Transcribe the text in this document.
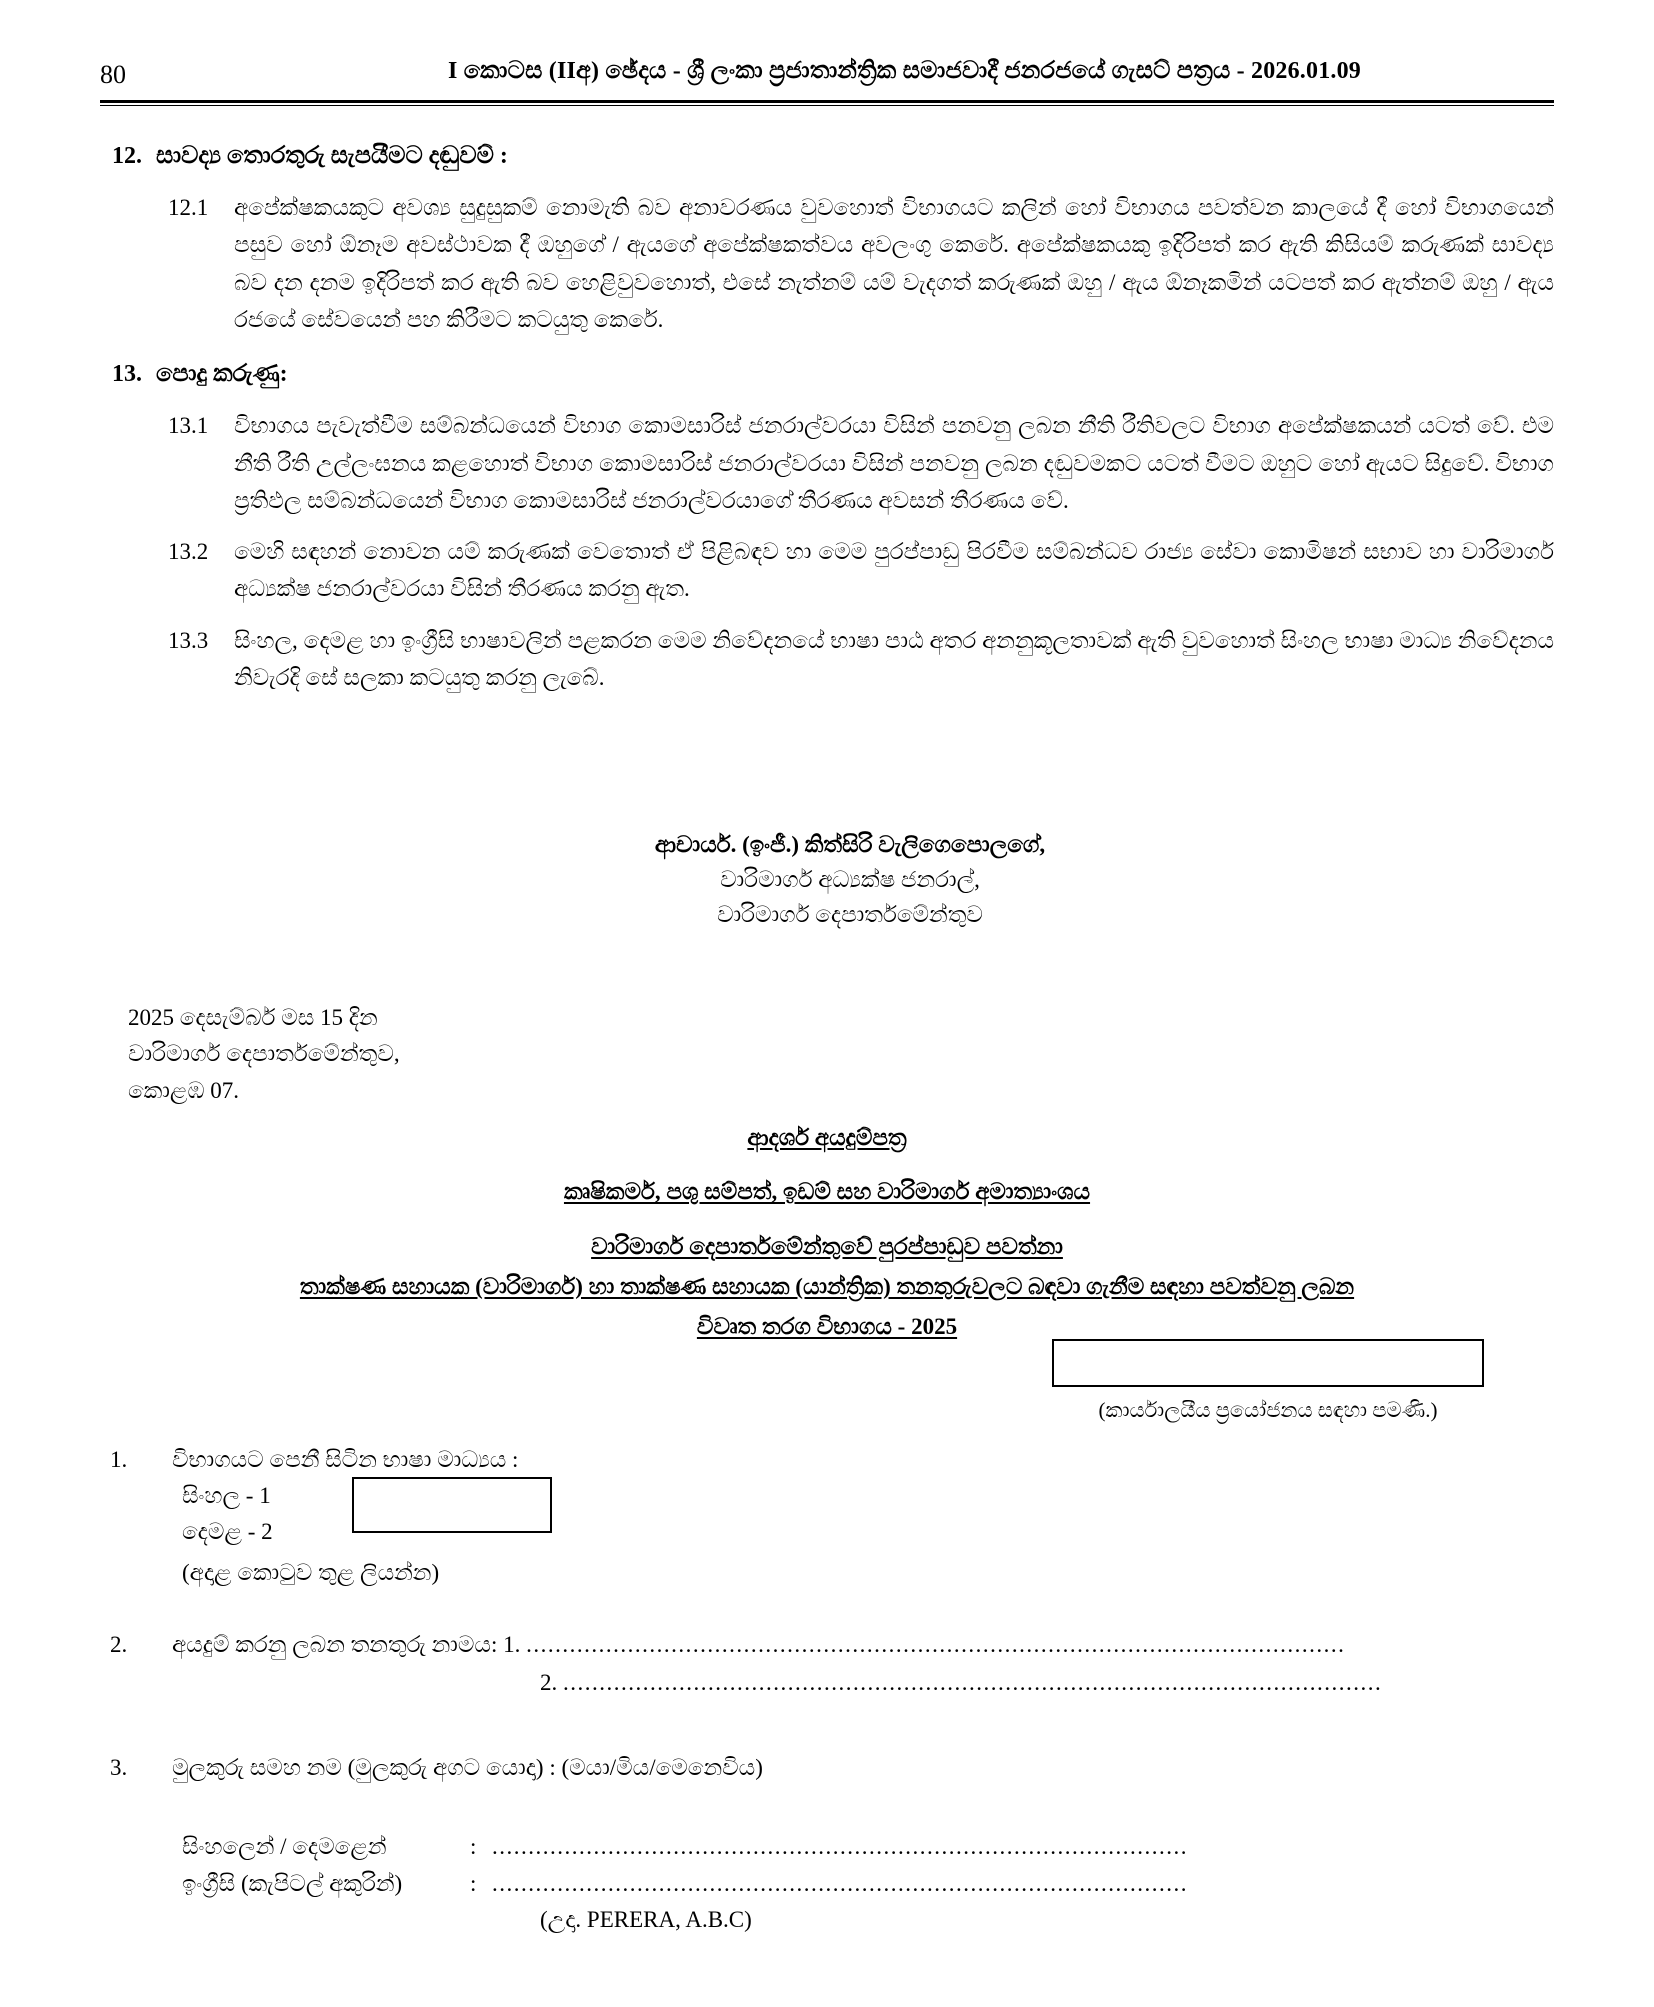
80	I කොටස (IIඅ) ඡේදය - ශ්‍රී ලංකා ප්‍රජාතාන්ත්‍රික සමාජවාදී ජනරජයේ ගැසට් පත්‍රය - 2026.01.09
12. සාවද්‍ය තොරතුරු සැපයීමට දඬුවම් :
12.1	අපේක්ෂකයකුට අවශ්‍ය සුදුසුකම් නොමැති බව අනාවරණය වුවහොත් විභාගයට කලින් හෝ විභාගය පවත්වන කාලයේ දී හෝ විභාගයෙන් පසුව හෝ ඕනෑම අවස්ථාවක දී ඔහුගේ / ඇයගේ අපේක්ෂකත්වය අවලංගු කෙරේ. අපේක්ෂකයකු ඉදිරිපත් කර ඇති කිසියම් කරුණක් සාවද්‍ය බව දන දනම ඉදිරිපත් කර ඇති බව හෙළිවුවහොත්, එසේ නැත්නම් යම් වැදගත් කරුණක් ඔහු / ඇය ඕනෑකමින් යටපත් කර ඇත්නම් ඔහු / ඇය රජයේ සේවයෙන් පහ කිරීමට කටයුතු කෙරේ.
13. පොදු කරුණු:
13.1	විභාගය පැවැත්වීම සම්බන්ධයෙන් විභාග කොමසාරිස් ජනරාල්වරයා විසින් පනවනු ලබන නීති රීතිවලට විභාග අපේක්ෂකයන් යටත් වේ. එම නීති රීති උල්ලංඝනය කළහොත් විභාග කොමසාරිස් ජනරාල්වරයා විසින් පනවනු ලබන දඬුවමකට යටත් වීමට ඔහුට හෝ ඇයට සිදුවේ. විභාග ප්‍රතිඵල සම්බන්ධයෙන් විභාග කොමසාරිස් ජනරාල්වරයාගේ තීරණය අවසන් තීරණය වේ.
13.2	මෙහි සඳහන් නොවන යම් කරුණක් වෙතොත් ඒ පිළිබඳව හා මෙම පුරප්පාඩු පිරවීම සම්බන්ධව රාජ්‍ය සේවා කොමිෂන් සභාව හා වාරිමාර්ග අධ්‍යක්ෂ ජනරාල්වරයා විසින් තීරණය කරනු ඇත.
13.3	සිංහල, දෙමළ හා ඉංග්‍රීසි භාෂාවලින් පළකරන මෙම නිවේදනයේ භාෂා පාඨ අතර අනනුකූලතාවක් ඇති වුවහොත් සිංහල භාෂා මාධ්‍ය නිවේදනය නිවැරදි සේ සලකා කටයුතු කරනු ලැබේ.
ආචාර්ය. (ඉංජී.) කිත්සිරි වැලිගෙපොලගේ,
වාරිමාර්ග අධ්‍යක්ෂ ජනරාල්,
වාරිමාර්ග දෙපාර්තමේන්තුව
2025 දෙසැම්බර් මස 15 දින
වාරිමාර්ග දෙපාර්තමේන්තුව,
කොළඹ 07.
ආදර්ශ අයදුම්පත්‍ර
කෘෂිකර්ම, පශු සම්පත්, ඉඩම් සහ වාරිමාර්ග අමාත්‍යාංශය
වාරිමාර්ග දෙපාර්තමේන්තුවේ පුරප්පාඩුව පවත්නා
තාක්ෂණ සහායක (වාරිමාර්ග) හා තාක්ෂණ සහායක (යාන්ත්‍රික) තනතුරුවලට බඳවා ගැනීම සඳහා පවත්වනු ලබන
විවෘත තරග විභාගය - 2025
(කාර්යාලයීය ප්‍රයෝජනය සඳහා පමණි.)
1.	විභාගයට පෙනී සිටින භාෂා මාධ්‍යය :
සිංහල - 1
දෙමළ - 2
(අදාළ කොටුව තුළ ලියන්න)
2.	අයදුම් කරනු ලබන තනතුරු නාමය: 1. .................................................................................................................
2. .................................................................................................................
3.	මුලකුරු සමහ නම (මුලකුරු අගට යොදා) : (මයා/මිය/මෙනෙවිය)
සිංහලෙන් / දෙමළෙන්	: ................................................................................................
ඉංග්‍රීසි (කැපිටල් අකුරින්)	: ................................................................................................
(උදා. PERERA, A.B.C)
